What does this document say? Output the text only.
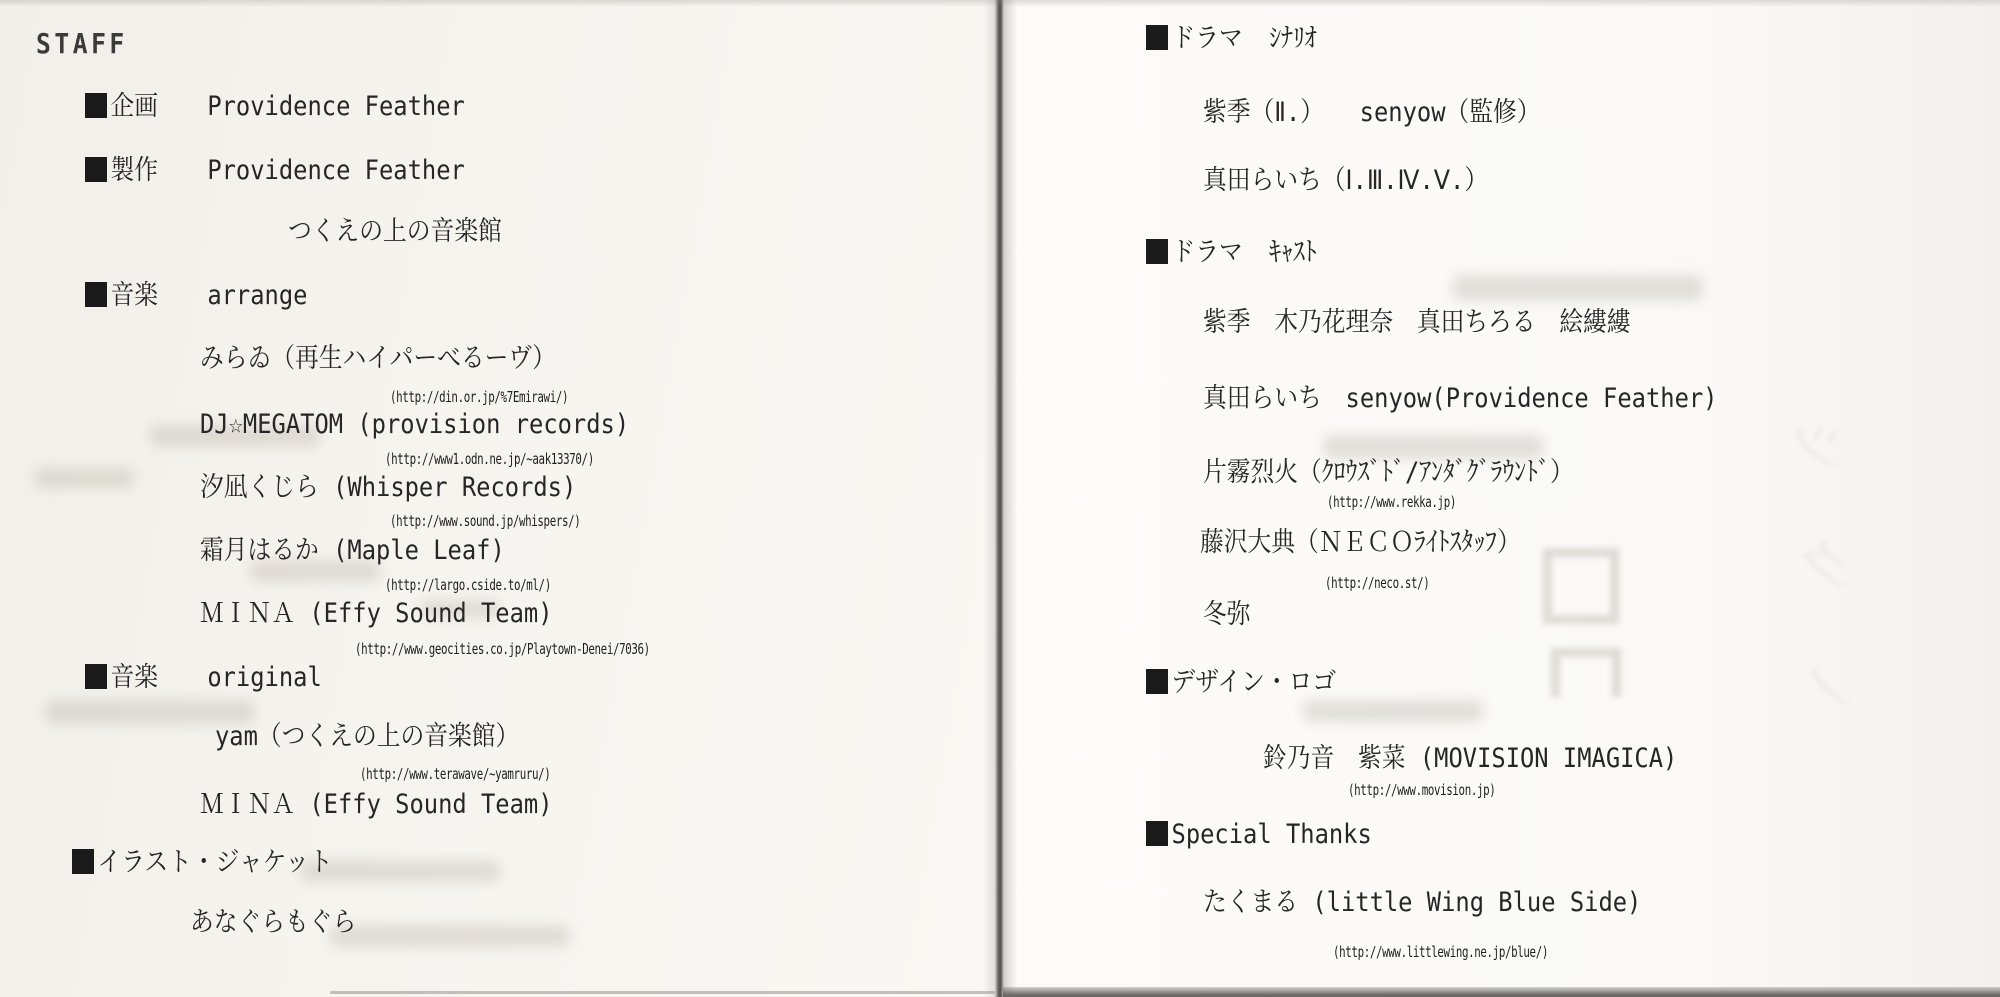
ツ
ク
ノ
STAFF
企画 Providence Feather
製作 Providence Feather
つくえの上の音楽館
音楽 arrange
みらゐ（再生ハイパーべるーヴ）
(http://din.or.jp/%7Emirawi/)
DJ☆MEGATOM (provision records)
(http://www1.odn.ne.jp/~aak13370/)
汐凪くじら (Whisper Records)
(http://www.sound.jp/whispers/)
霜月はるか (Maple Leaf)
(http://largo.cside.to/ml/)
ＭＩＮＡ (Effy Sound Team)
(http://www.geocities.co.jp/Playtown-Denei/7036)
音楽 original
yam（つくえの上の音楽館）
(http://www.terawave/~yamruru/)
ＭＩＮＡ (Effy Sound Team)
イラスト・ジャケット
あなぐらもぐら
ドラマ ｼﾅﾘｵ
紫季（Ⅱ.）　　senyow（監修）
真田らいち（Ⅰ.Ⅲ.Ⅳ.Ⅴ.）
ドラマ ｷｬｽﾄ
紫季　木乃花理奈　真田ちろる　絵縷縷
真田らいち　senyow(Providence Feather)
片霧烈火（ｸﾛｳｽﾞﾄﾞ/ｱﾝﾀﾞｸﾞﾗｳﾝﾄﾞ）
(http://www.rekka.jp)
藤沢大典（ＮＥＣＯﾗｲﾄｽﾀｯﾌ）
(http://neco.st/)
冬弥
デザイン・ロゴ
鈴乃音　紫菜 (MOVISION IMAGICA)
(http://www.movision.jp)
Special Thanks
たくまる (little Wing Blue Side)
(http://www.littlewing.ne.jp/blue/)
